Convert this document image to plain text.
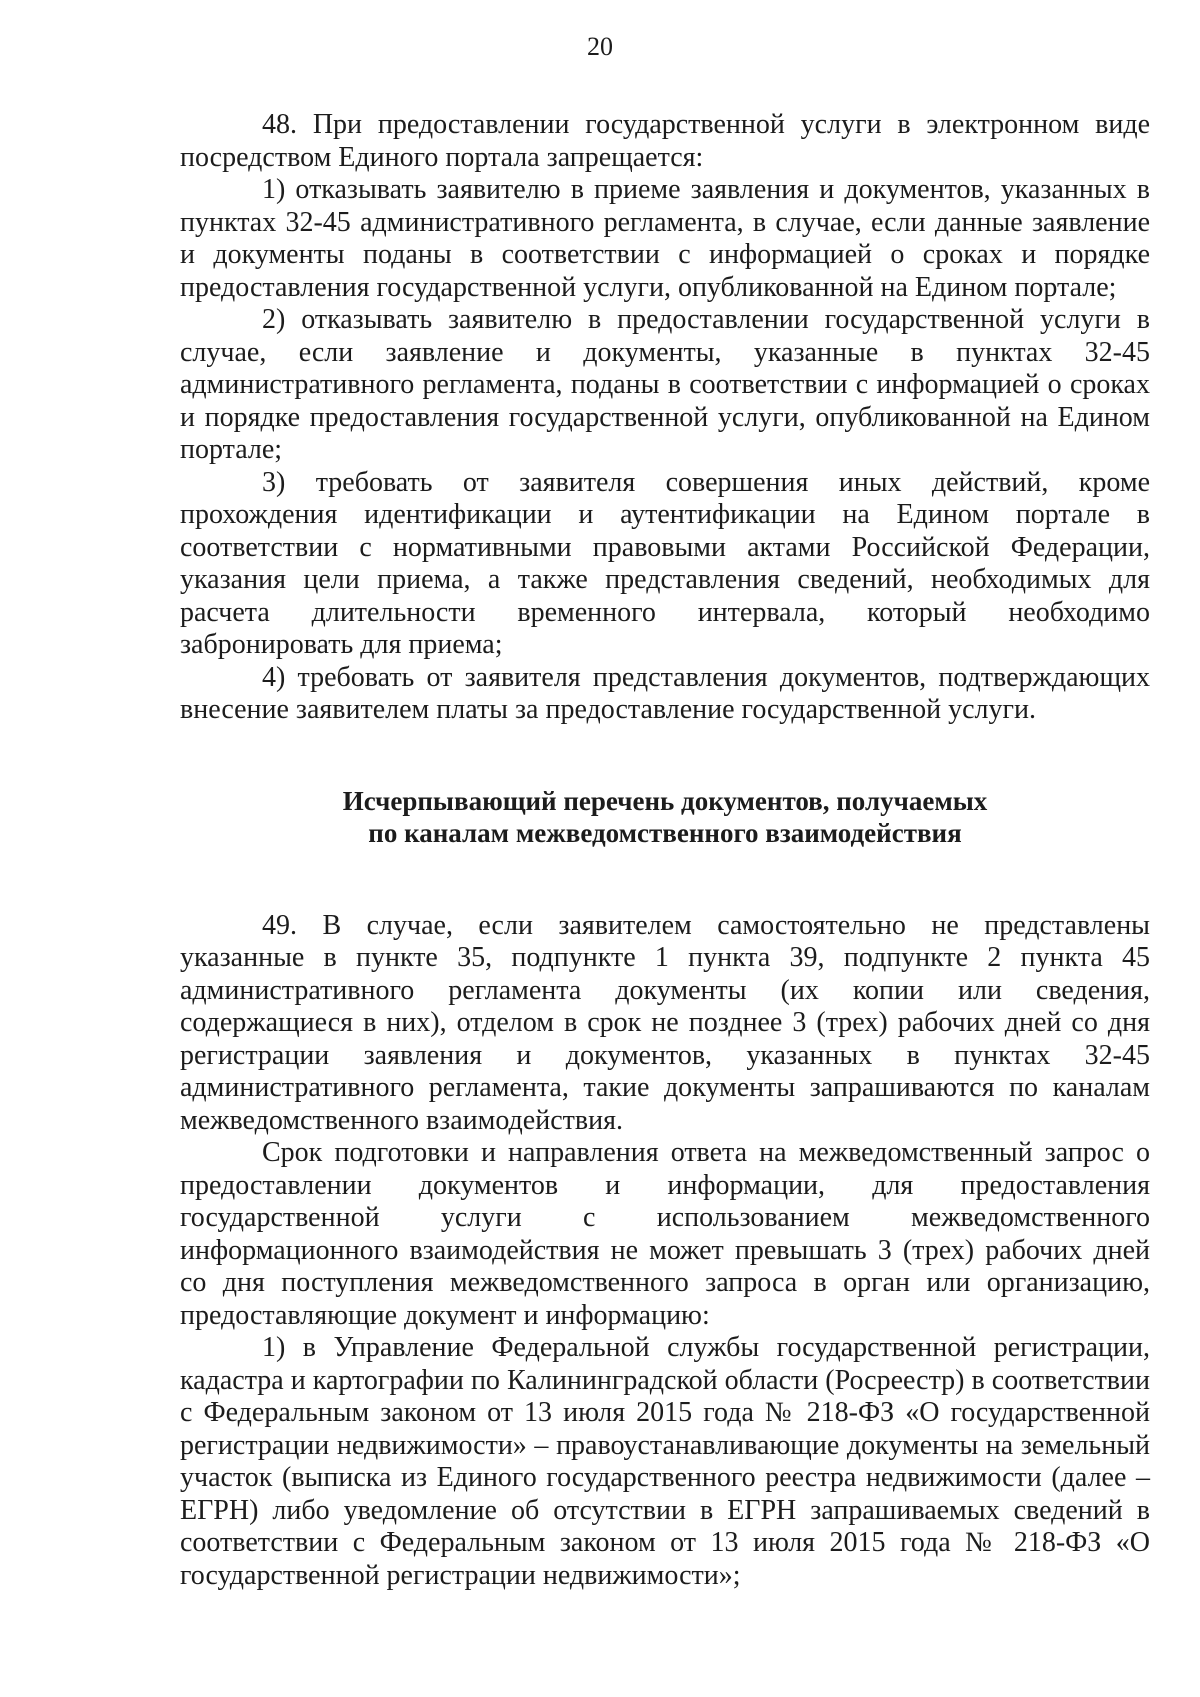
20

48. При предоставлении государственной услуги в электронном виде посредством Единого портала запрещается:

1) отказывать заявителю в приеме заявления и документов, указанных в пунктах 32-45 административного регламента, в случае, если данные заявление и документы поданы в соответствии с информацией о сроках и порядке предоставления государственной услуги, опубликованной на Едином портале;

2) отказывать заявителю в предоставлении государственной услуги в случае, если заявление и документы, указанные в пунктах 32-45 административного регламента, поданы в соответствии с информацией о сроках и порядке предоставления государственной услуги, опубликованной на Едином портале;

3) требовать от заявителя совершения иных действий, кроме прохождения идентификации и аутентификации на Едином портале в соответствии с нормативными правовыми актами Российской Федерации, указания цели приема, а также представления сведений, необходимых для расчета длительности временного интервала, который необходимо забронировать для приема;

4) требовать от заявителя представления документов, подтверждающих внесение заявителем платы за предоставление государственной услуги.

Исчерпывающий перечень документов, получаемых
по каналам межведомственного взаимодействия

49. В случае, если заявителем самостоятельно не представлены указанные в пункте 35, подпункте 1 пункта 39, подпункте 2 пункта 45 административного регламента документы (их копии или сведения, содержащиеся в них), отделом в срок не позднее 3 (трех) рабочих дней со дня регистрации заявления и документов, указанных в пунктах 32-45 административного регламента, такие документы запрашиваются по каналам межведомственного взаимодействия.

Срок подготовки и направления ответа на межведомственный запрос о предоставлении документов и информации, для предоставления государственной услуги с использованием межведомственного информационного взаимодействия не может превышать 3 (трех) рабочих дней со дня поступления межведомственного запроса в орган или организацию, предоставляющие документ и информацию:

1) в Управление Федеральной службы государственной регистрации, кадастра и картографии по Калининградской области (Росреестр) в соответствии с Федеральным законом от 13 июля 2015 года № 218-ФЗ «О государственной регистрации недвижимости» – правоустанавливающие документы на земельный участок (выписка из Единого государственного реестра недвижимости (далее – ЕГРН) либо уведомление об отсутствии в ЕГРН запрашиваемых сведений в соответствии с Федеральным законом от 13 июля 2015 года № 218-ФЗ «О государственной регистрации недвижимости»;
